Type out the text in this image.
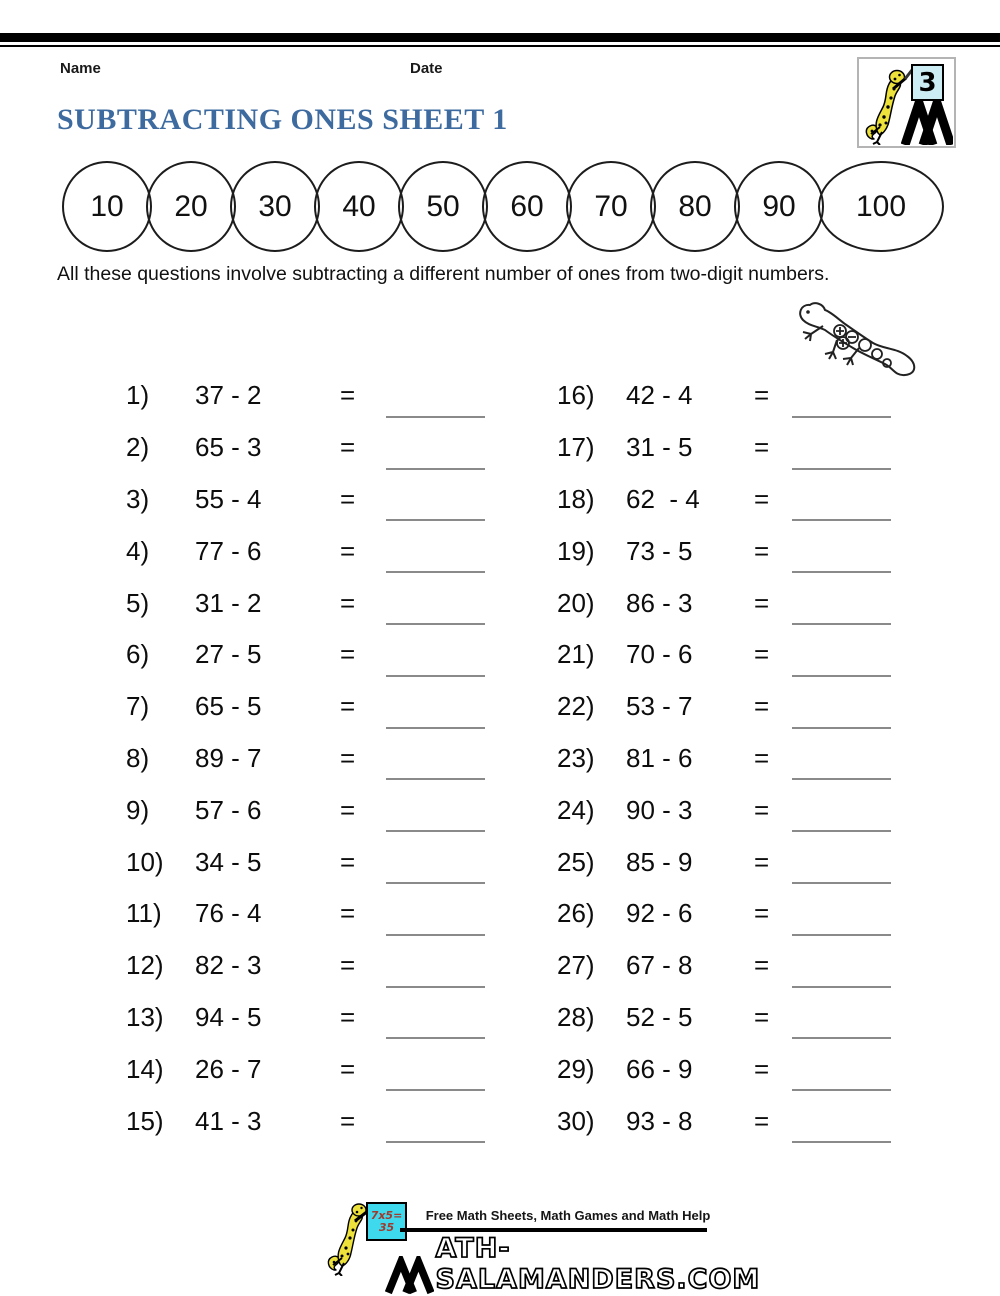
Name	Date	3
SUBTRACTING ONES SHEET 1
10 20 30 40 50 60 70 80 90 100

All these questions involve subtracting a different number of ones from two-digit numbers.

1)	37 - 2	=
2)	65 - 3	=
3)	55 - 4	=
4)	77 - 6	=
5)	31 - 2	=
6)	27 - 5	=
7)	65 - 5	=
8)	89 - 7	=
9)	57 - 6	=
10)	34 - 5	=
11)	76 - 4	=
12)	82 - 3	=
13)	94 - 5	=
14)	26 - 7	=
15)	41 - 3	=
16)	42 - 4	=
17)	31 - 5	=
18)	62  - 4	=
19)	73 - 5	=
20)	86 - 3	=
21)	70 - 6	=
22)	53 - 7	=
23)	81 - 6	=
24)	90 - 3	=
25)	85 - 9	=
26)	92 - 6	=
27)	67 - 8	=
28)	52 - 5	=
29)	66 - 9	=
30)	93 - 8	=
7x5=
35
Free Math Sheets, Math Games and Math Help
ATH-SALAMANDERS.COM
